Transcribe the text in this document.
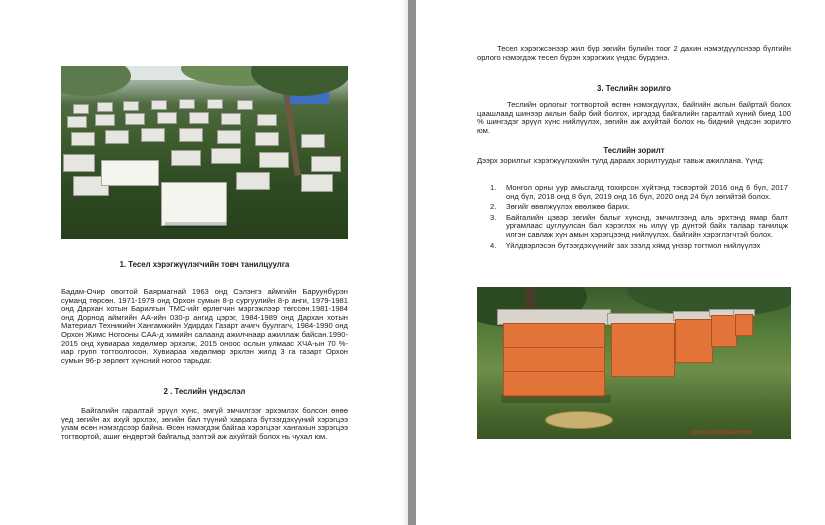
1. Тесел хэрэгжүүлэгчийн товч танилцуулга
Бадам-Очир овогтой Баярмагнай 1963 онд Сэлэнгэ аймгийн Баруунбүрэн суманд төрсөн. 1971-1979 онд Орхон сумын 8-р сургуулийн 8-р анги, 1979-1981 онд Дархан хотын Барилгын ТМС-ийг өрлөгчин мэргэжлээр төгссөн.1981-1984 онд Дорнод аймгийн АА-ийн 030-р ангид цэрэг, 1984-1989 онд Дархан хотын Материал Техникийн Хангамжийн Удирдах Газарт ачигч буулгагч, 1984-1990 онд Орхон Жимс Ногооны СAA-д химийн салаанд ажилчнаар ажиллаж байсан.1990-2015 онд хувиараа хөдөлмөр эрхэлж, 2015 оноос ослын улмаас ХЧА-ын 70 %-иар групп тогтоолгосон. Хувиараа хөдөлмөр эрхлэн жилд 3 га газарт Орхон сумын 96-р зөрлөгт хүнсний ногоо тарьдаг.
2 . Теслийн үндэслэл
Байгалийн гаралтай эрүүл хүнс, эмгүй эмчилгээг эрхэмлэх болсон өнөө үед зөгийн ах ахуй эрхлэх, зөгийн бал түүний хаврага бүтээгдэхүүний хэрэгцээ улам өсөн нэмэгдсээр байна. Өсөн нэмэгдэж байгаа хэрэгцээг хангахын зэрэгцээ тогтвортой, ашиг өндөртэй байгальд ээлтэй аж ахуйтай болох нь чухал юм.
Тесел хэрэгжсэнээр жил бүр зөгийн булийн тоог 2 дахин нэмэгдүүлснээр бүлгийн орлого нэмэгдэж тесел бүрэн хэрэгжих үндэс бүрдэнэ.
3. Теслийн зорилго
Теслийн орлогыг тогтвортой өсгөн нэмэгдүүлэх, байгийн аклын байртай болох цаашлаад шинээр аклын байр бий болгох, иргэдэд байгалийн гаралтай хүний биед 100 % шингэдэг эрүүл хүнс нийлүүлэх, зөгийн аж ахуйтай болох нь бидний үндсэн зорилго юм.
Теслийн зорилт
Дээрх зорилгыг хэрэгжүүлэхийн тулд дараах зорилтуудыг тавьж ажиллана. Үүнд:
1. Монгол орны уур амьсгалд тохирсон хүйтэнд тэсвэртэй 2016 онд 6 бүл, 2017 онд бүл, 2018 онд 8 бүл, 2019 онд 16 бүл, 2020 онд 24 бүл зөгийтэй болох.
2. Зөгийг өвөлжүүлэх өвөлжөө барих.
3. Байгалийн цэвэр зөгийн балыг хүнснд, эмчилгээнд аль эрхтэнд ямар балт ургамлаас цуглуулсан бал хэрэглэх нь илүү үр дүнтэй байх талаар танилцж илгэн савлаж хүн амын хэрэгцээнд нийлүүлэх. байгийн хэрэглэгчтэй болох.
4. Үйлдвэрлэсэн бүтээгдэхүүнийг зах зээлд хямд үнээр тогтмол нийлүүлэх
zyoxactionkhaanmon
